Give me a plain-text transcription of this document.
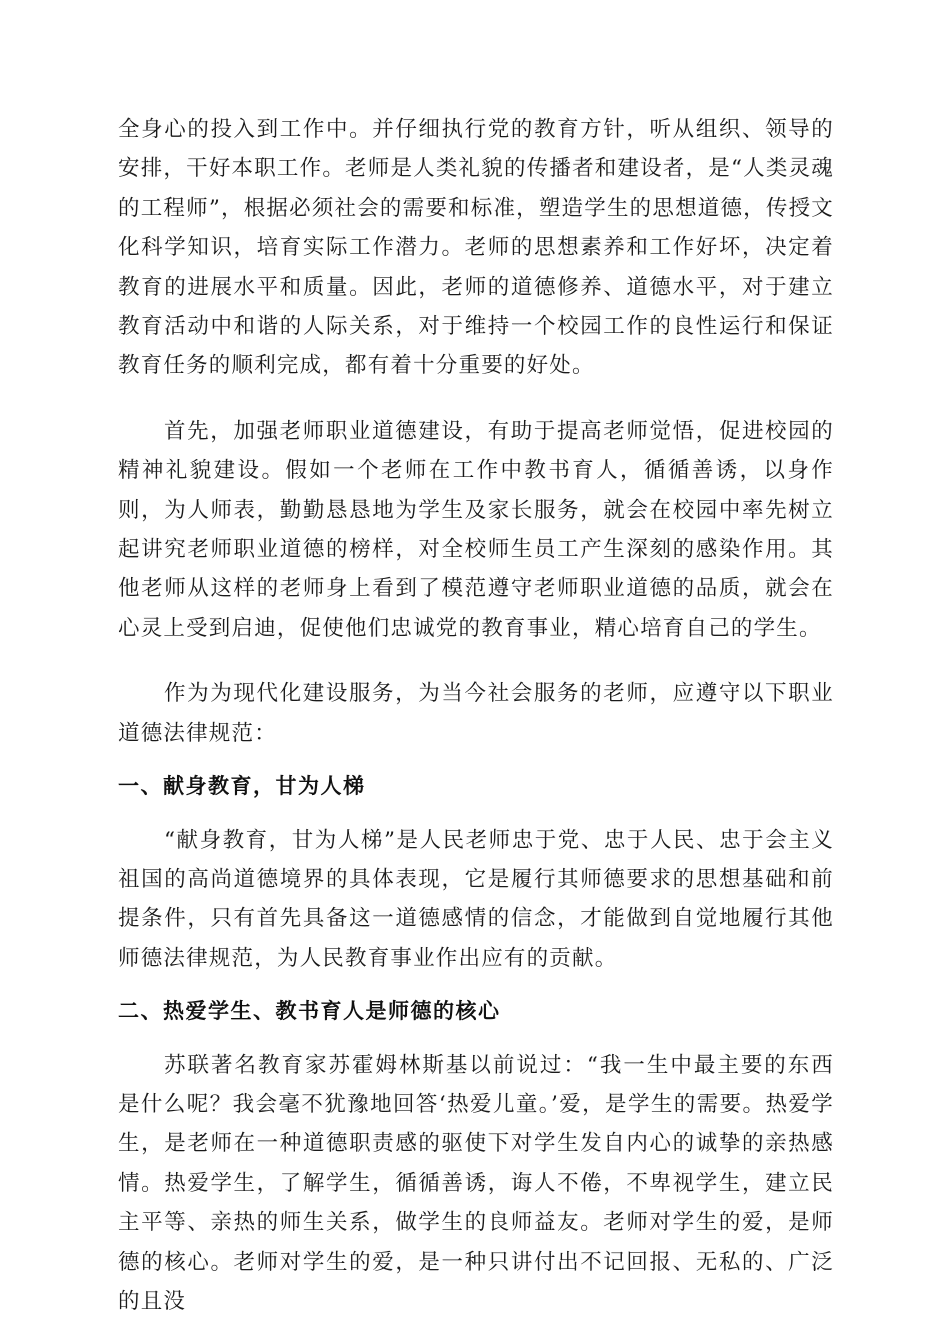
全身心的投入到工作中。并仔细执行党的教育方针，听从组织、领导的安排，干好本职工作。老师是人类礼貌的传播者和建设者，是“人类灵魂的工程师”，根据必须社会的需要和标准，塑造学生的思想道德，传授文化科学知识，培育实际工作潜力。老师的思想素养和工作好坏，决定着教育的进展水平和质量。因此，老师的道德修养、道德水平，对于建立教育活动中和谐的人际关系，对于维持一个校园工作的良性运行和保证教育任务的顺利完成，都有着十分重要的好处。

首先，加强老师职业道德建设，有助于提高老师觉悟，促进校园的精神礼貌建设。假如一个老师在工作中教书育人，循循善诱，以身作则，为人师表，勤勤恳恳地为学生及家长服务，就会在校园中率先树立起讲究老师职业道德的榜样，对全校师生员工产生深刻的感染作用。其他老师从这样的老师身上看到了模范遵守老师职业道德的品质，就会在心灵上受到启迪，促使他们忠诚党的教育事业，精心培育自己的学生。

作为为现代化建设服务，为当今社会服务的老师，应遵守以下职业道德法律规范：

一、献身教育，甘为人梯

“献身教育，甘为人梯”是人民老师忠于党、忠于人民、忠于会主义祖国的高尚道德境界的具体表现，它是履行其师德要求的思想基础和前提条件，只有首先具备这一道德感情的信念，才能做到自觉地履行其他师德法律规范，为人民教育事业作出应有的贡献。

二、热爱学生、教书育人是师德的核心

苏联著名教育家苏霍姆林斯基以前说过：“我一生中最主要的东西是什么呢？我会毫不犹豫地回答‘热爱儿童。’爱，是学生的需要。热爱学生，是老师在一种道德职责感的驱使下对学生发自内心的诚挚的亲热感情。热爱学生，了解学生，循循善诱，诲人不倦，不卑视学生，建立民主平等、亲热的师生关系，做学生的良师益友。老师对学生的爱，是师德的核心。老师对学生的爱，是一种只讲付出不记回报、无私的、广泛的且没
